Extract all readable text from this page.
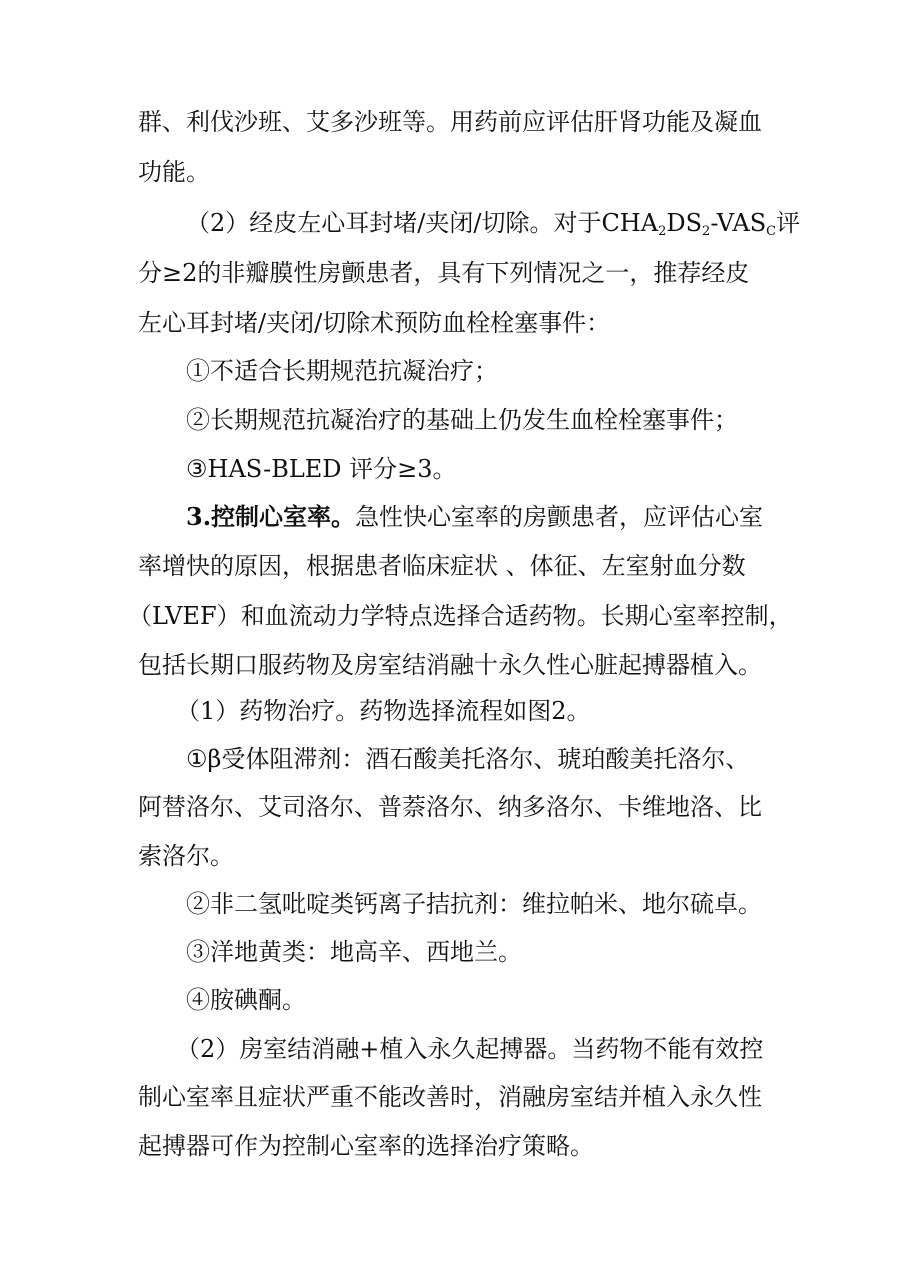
群、利伐沙班、艾多沙班等。用药前应评估肝肾功能及凝血
功能。
（2）经皮左心耳封堵/夹闭/切除。对于$CHA_2DS_2-VAS_C$评
分≥2的非瓣膜性房颤患者，具有下列情况之一，推荐经皮
左心耳封堵/夹闭/切除术预防血栓栓塞事件：
①不适合长期规范抗凝治疗；
②长期规范抗凝治疗的基础上仍发生血栓栓塞事件；
③HAS-BLED 评分≥3。
3.控制心室率。急性快心室率的房颤患者，应评估心室
率增快的原因，根据患者临床症状 、体征、左室射血分数
（LVEF）和血流动力学特点选择合适药物。长期心室率控制，
包括长期口服药物及房室结消融十永久性心脏起搏器植入。
（1）药物治疗。药物选择流程如图2。
①β受体阻滞剂：酒石酸美托洛尔、琥珀酸美托洛尔、
阿替洛尔、艾司洛尔、普萘洛尔、纳多洛尔、卡维地洛、比
索洛尔。
②非二氢吡啶类钙离子拮抗剂：维拉帕米、地尔硫卓。
③洋地黄类：地高辛、西地兰。
④胺碘酮。
（2）房室结消融+植入永久起搏器。当药物不能有效控
制心室率且症状严重不能改善时，消融房室结并植入永久性
起搏器可作为控制心室率的选择治疗策略。
